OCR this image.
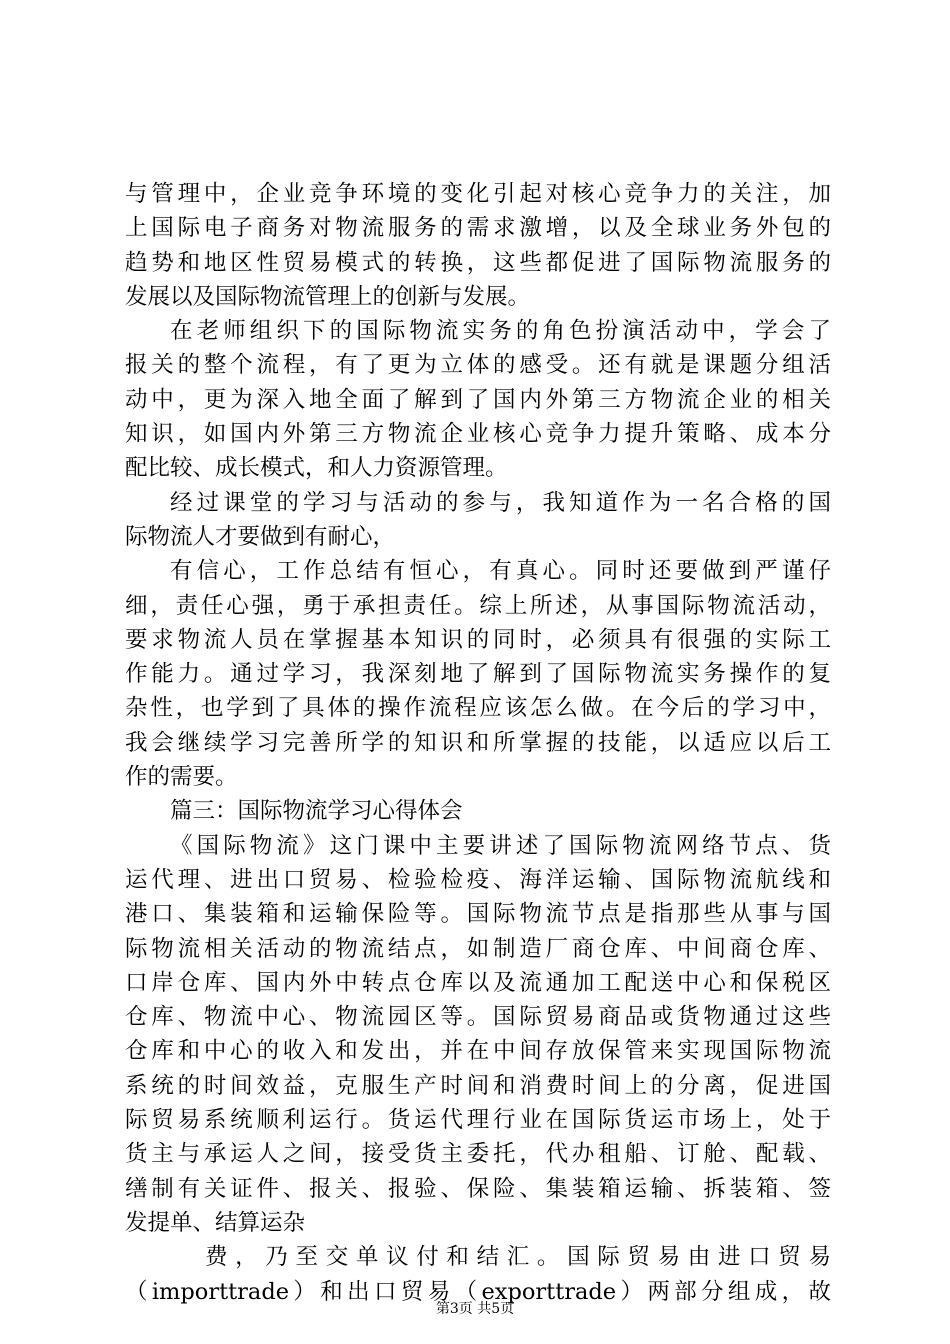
与管理中，企业竞争环境的变化引起对核心竞争力的关注，加
上国际电子商务对物流服务的需求激增，以及全球业务外包的
趋势和地区性贸易模式的转换，这些都促进了国际物流服务的
发展以及国际物流管理上的创新与发展。
在老师组织下的国际物流实务的角色扮演活动中，学会了
报关的整个流程，有了更为立体的感受。还有就是课题分组活
动中，更为深入地全面了解到了国内外第三方物流企业的相关
知识，如国内外第三方物流企业核心竞争力提升策略、成本分
配比较、成长模式，和人力资源管理。
经过课堂的学习与活动的参与，我知道作为一名合格的国
际物流人才要做到有耐心，
有信心，工作总结有恒心，有真心。同时还要做到严谨仔
细，责任心强，勇于承担责任。综上所述，从事国际物流活动，
要求物流人员在掌握基本知识的同时，必须具有很强的实际工
作能力。通过学习，我深刻地了解到了国际物流实务操作的复
杂性，也学到了具体的操作流程应该怎么做。在今后的学习中，
我会继续学习完善所学的知识和所掌握的技能，以适应以后工
作的需要。
篇三：国际物流学习心得体会
《国际物流》这门课中主要讲述了国际物流网络节点、货
运代理、进出口贸易、检验检疫、海洋运输、国际物流航线和
港口、集装箱和运输保险等。国际物流节点是指那些从事与国
际物流相关活动的物流结点，如制造厂商仓库、中间商仓库、
口岸仓库、国内外中转点仓库以及流通加工配送中心和保税区
仓库、物流中心、物流园区等。国际贸易商品或货物通过这些
仓库和中心的收入和发出，并在中间存放保管来实现国际物流
系统的时间效益，克服生产时间和消费时间上的分离，促进国
际贸易系统顺利运行。货运代理行业在国际货运市场上，处于
货主与承运人之间，接受货主委托，代办租船、订舱、配载、
缮制有关证件、报关、报验、保险、集装箱运输、拆装箱、签
发提单、结算运杂
费，乃至交单议付和结汇。国际贸易由进口贸易
（importtrade）和出口贸易（exporttrade）两部分组成，故
第3页 共5页
